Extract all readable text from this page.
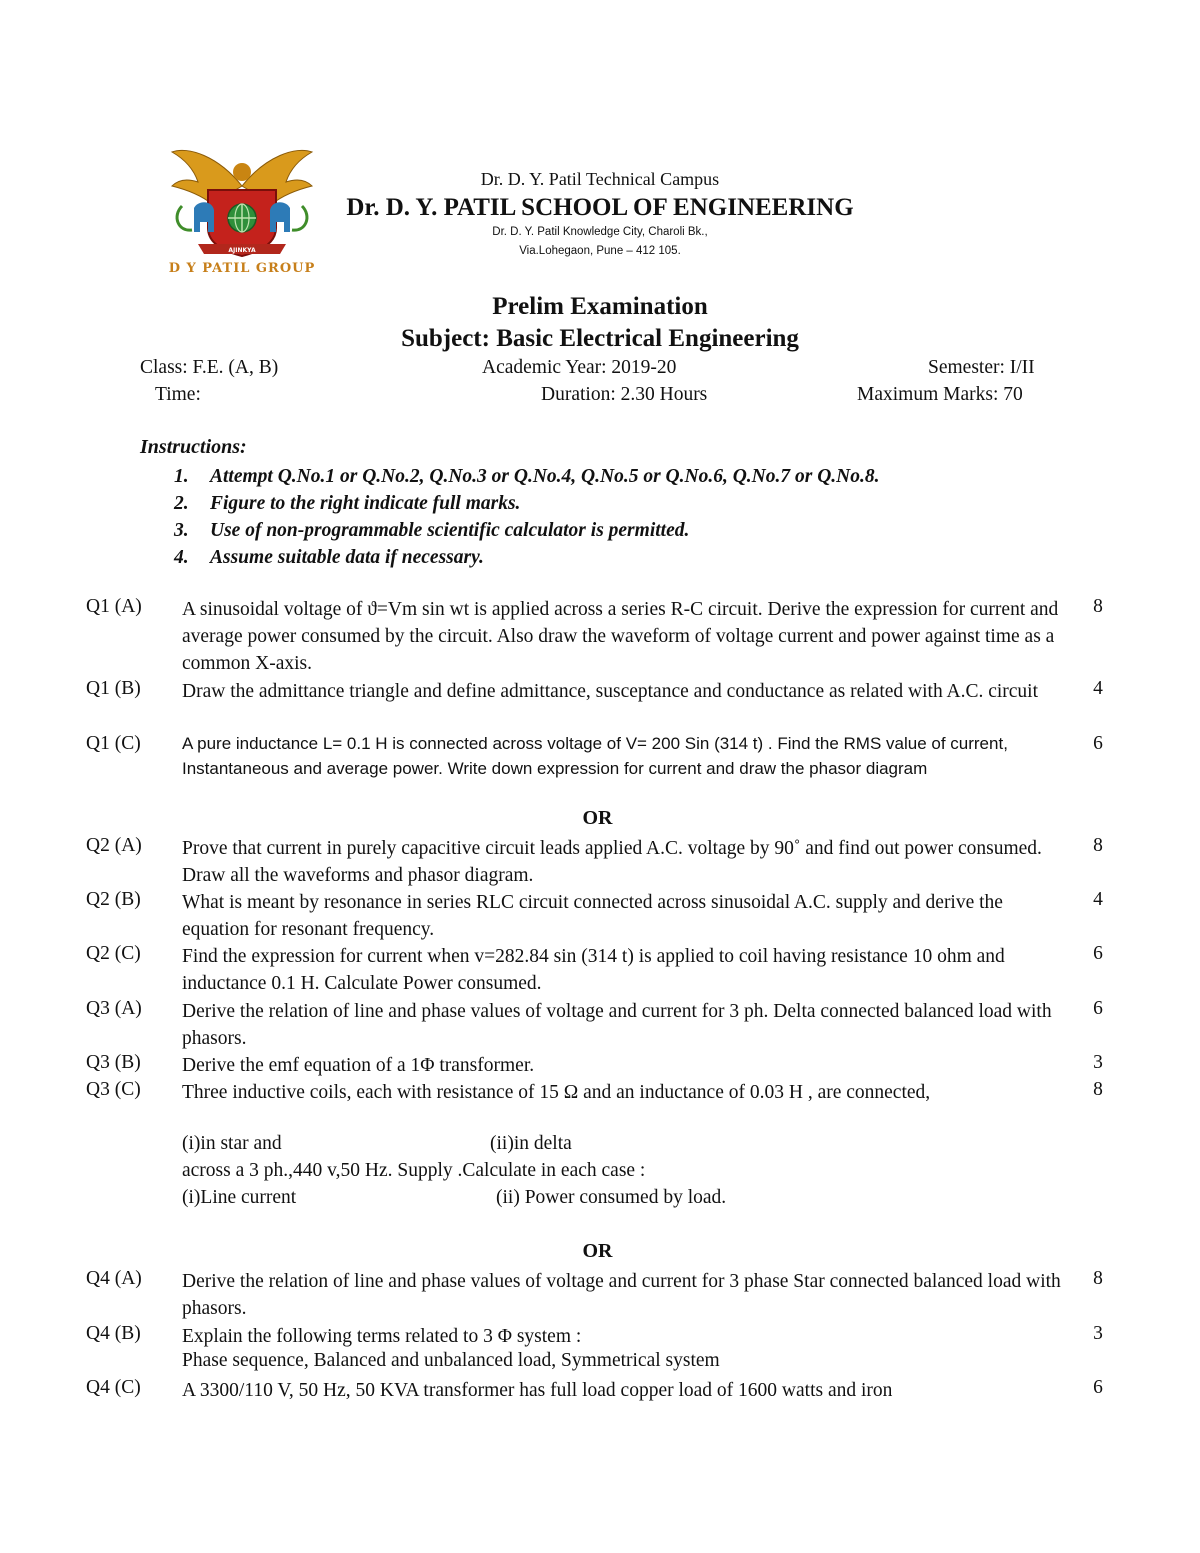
AJINKYA
D Y PATIL GROUP
Dr. D. Y. Patil Technical Campus
Dr. D. Y. PATIL SCHOOL OF ENGINEERING
Dr. D. Y. Patil Knowledge City, Charoli Bk.,
Via.Lohegaon, Pune – 412 105.
Prelim Examination
Subject: Basic Electrical Engineering
Class: F.E. (A, B)	Academic Year: 2019-20	Semester: I/II
Time:	Duration: 2.30 Hours	Maximum Marks: 70
Instructions:
1. Attempt Q.No.1 or Q.No.2, Q.No.3 or Q.No.4, Q.No.5 or Q.No.6, Q.No.7 or Q.No.8.
2. Figure to the right indicate full marks.
3. Use of non-programmable scientific calculator is permitted.
4. Assume suitable data if necessary.
Q1 (A) A sinusoidal voltage of ϑ=Vm sin wt is applied across a series R-C circuit. Derive the expression for current and average power consumed by the circuit. Also draw the waveform of voltage current and power against time as a common X-axis.
8
Q1 (B) Draw the admittance triangle and define admittance, susceptance and conductance as related with A.C. circuit	4
Q1 (C) A pure inductance L= 0.1 H is connected across voltage of V= 200 Sin (314 t) . Find the RMS value of current, Instantaneous and average power. Write down expression for current and draw the phasor diagram
6
OR
Q2 (A) Prove that current in purely capacitive circuit leads applied A.C. voltage by 90˚ and find out power consumed. Draw all the waveforms and phasor diagram.
8
Q2 (B) What is meant by resonance in series RLC circuit connected across sinusoidal A.C. supply and derive the equation for resonant frequency.
4
Q2 (C) Find the expression for current when v=282.84 sin (314 t) is applied to coil having resistance 10 ohm and inductance 0.1 H. Calculate Power consumed.
6
Q3 (A) Derive the relation of line and phase values of voltage and current for 3 ph. Delta connected balanced load with phasors.
6
Q3 (B) Derive the emf equation of a 1Φ transformer.	3
Q3 (C) Three inductive coils, each with resistance of 15 Ω and an inductance of 0.03 H , are connected,	8
(i)in star and	(ii)in delta
across a 3 ph.,440 v,50 Hz. Supply .Calculate in each case :
(i)Line current	(ii) Power consumed by load.
OR
Q4 (A) Derive the relation of line and phase values of voltage and current for 3 phase Star connected balanced load with phasors.
8
Q4 (B) Explain the following terms related to 3 Φ system :	3
Phase sequence, Balanced and unbalanced load, Symmetrical system
Q4 (C) A 3300/110 V, 50 Hz, 50 KVA transformer has full load copper load of 1600 watts and iron	6
